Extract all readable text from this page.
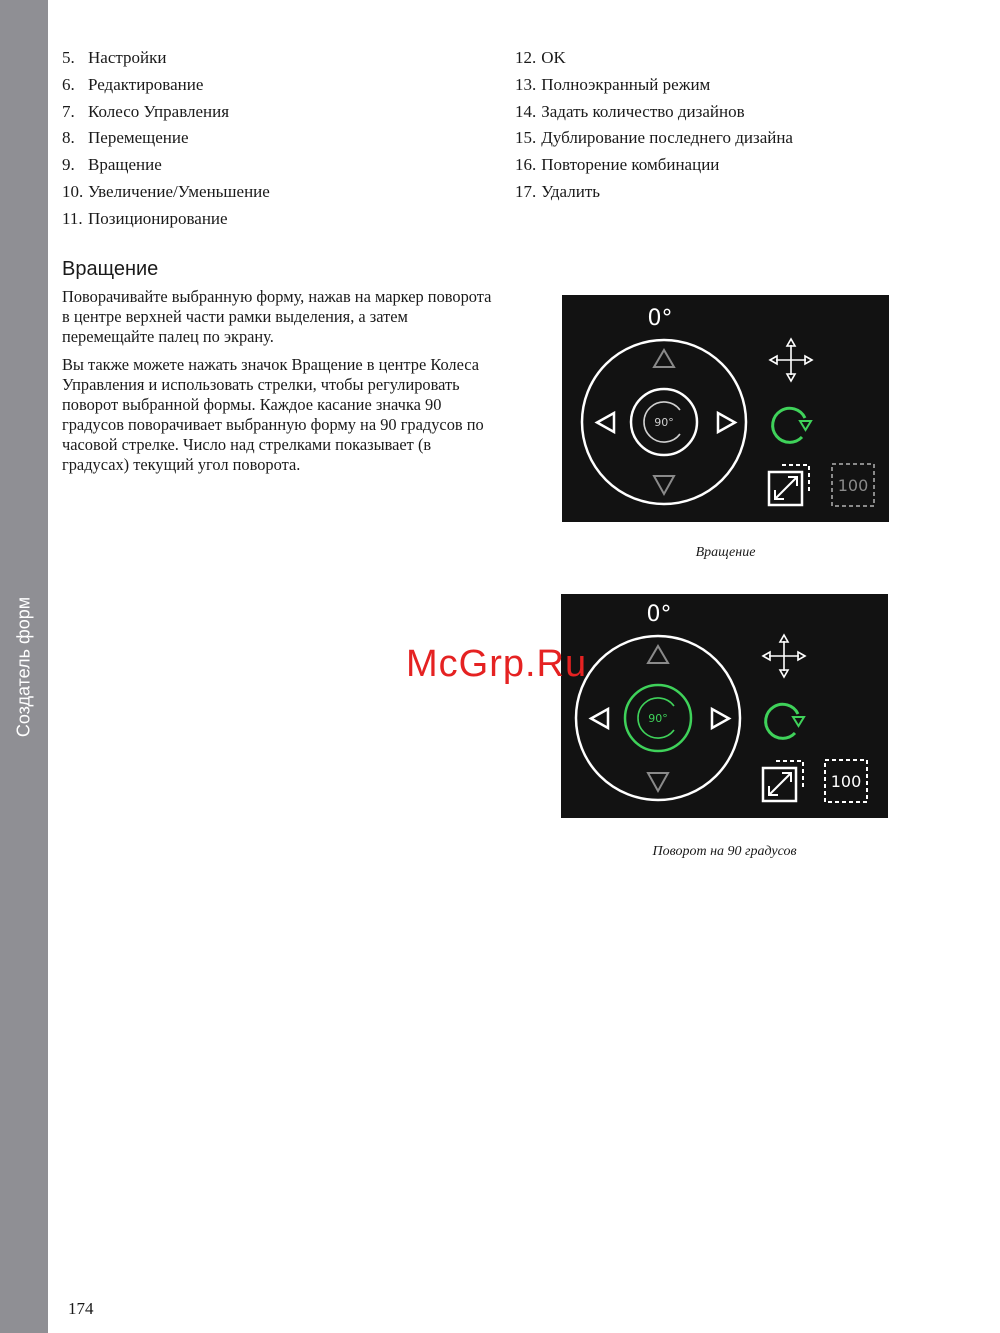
Создатель форм
5. Настройки
6. Редактирование
7. Колесо Управления
8. Перемещение
9. Вращение
10. Увеличение/Уменьшение
11. Позиционирование
12. OK
13. Полноэкранный режим
14. Задать количество дизайнов
15. Дублирование последнего дизайна
16. Повторение комбинации
17. Удалить
Вращение

Поворачивайте выбранную форму, нажав на маркер поворота в центре верхней части рамки выделения, а затем перемещайте палец по экрану.

Вы также можете нажать значок Вращение в центре Колеса Управления и использовать стрелки, чтобы регулировать поворот выбранной формы. Каждое касание значка 90 градусов поворачивает выбранную форму на 90 градусов по часовой стрелке. Число над стрелками показывает (в градусах) текущий угол поворота.

0°
90°
100

Вращение

0°
90°
100

Поворот на 90 градусов

McGrp.Ru

174
